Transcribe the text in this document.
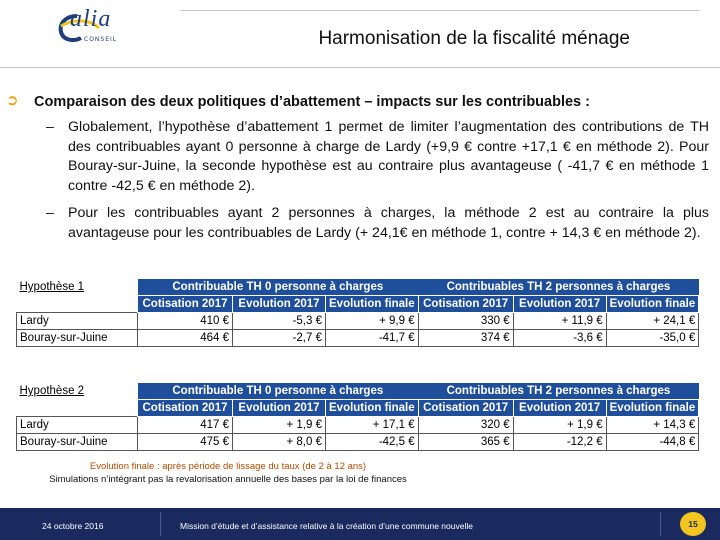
alia
CONSEIL	Harmonisation de la fiscalité ménage
➲ Comparaison des deux politiques d’abattement – impacts sur les contribuables :
– Globalement, l’hypothèse d’abattement 1 permet de limiter l’augmentation des contributions de TH des contribuables ayant 0 personne à charge de Lardy (+9,9 € contre +17,1 € en méthode 2). Pour Bouray-sur-Juine, la seconde hypothèse est au contraire plus avantageuse ( -41,7 € en méthode 1 contre -42,5 € en méthode 2).
– Pour les contribuables ayant 2 personnes à charges, la méthode 2 est au contraire la plus avantageuse pour les contribuables de Lardy (+ 24,1€ en méthode 1, contre + 14,3 € en méthode 2).
Hypothèse 1	Contribuable TH 0 personne à charges			Contribuables TH 2 personnes à charges		
	Cotisation 2017	Evolution 2017	Evolution finale	Cotisation 2017	Evolution 2017	Evolution finale
Lardy	410 €	-5,3 €	+ 9,9 €	330 €	+ 11,9 €	+ 24,1 €
Bouray-sur-Juine	464 €	-2,7 €	-41,7 €	374 €	-3,6 €	-35,0 €
Hypothèse 2	Contribuable TH 0 personne à charges			Contribuables TH 2 personnes à charges		
	Cotisation 2017	Evolution 2017	Evolution finale	Cotisation 2017	Evolution 2017	Evolution finale
Lardy	417 €	+ 1,9 €	+ 17,1 €	320 €	+ 1,9 €	+ 14,3 €
Bouray-sur-Juine	475 €	+ 8,0 €	-42,5 €	365 €	-12,2 €	-44,8 €
Evolution finale : après période de lissage du taux (de 2 à 12 ans)
Simulations n’intégrant pas la revalorisation annuelle des bases par la loi de finances
24 octobre 2016	Mission d’étude et d’assistance relative à la création d’une commune nouvelle	15
